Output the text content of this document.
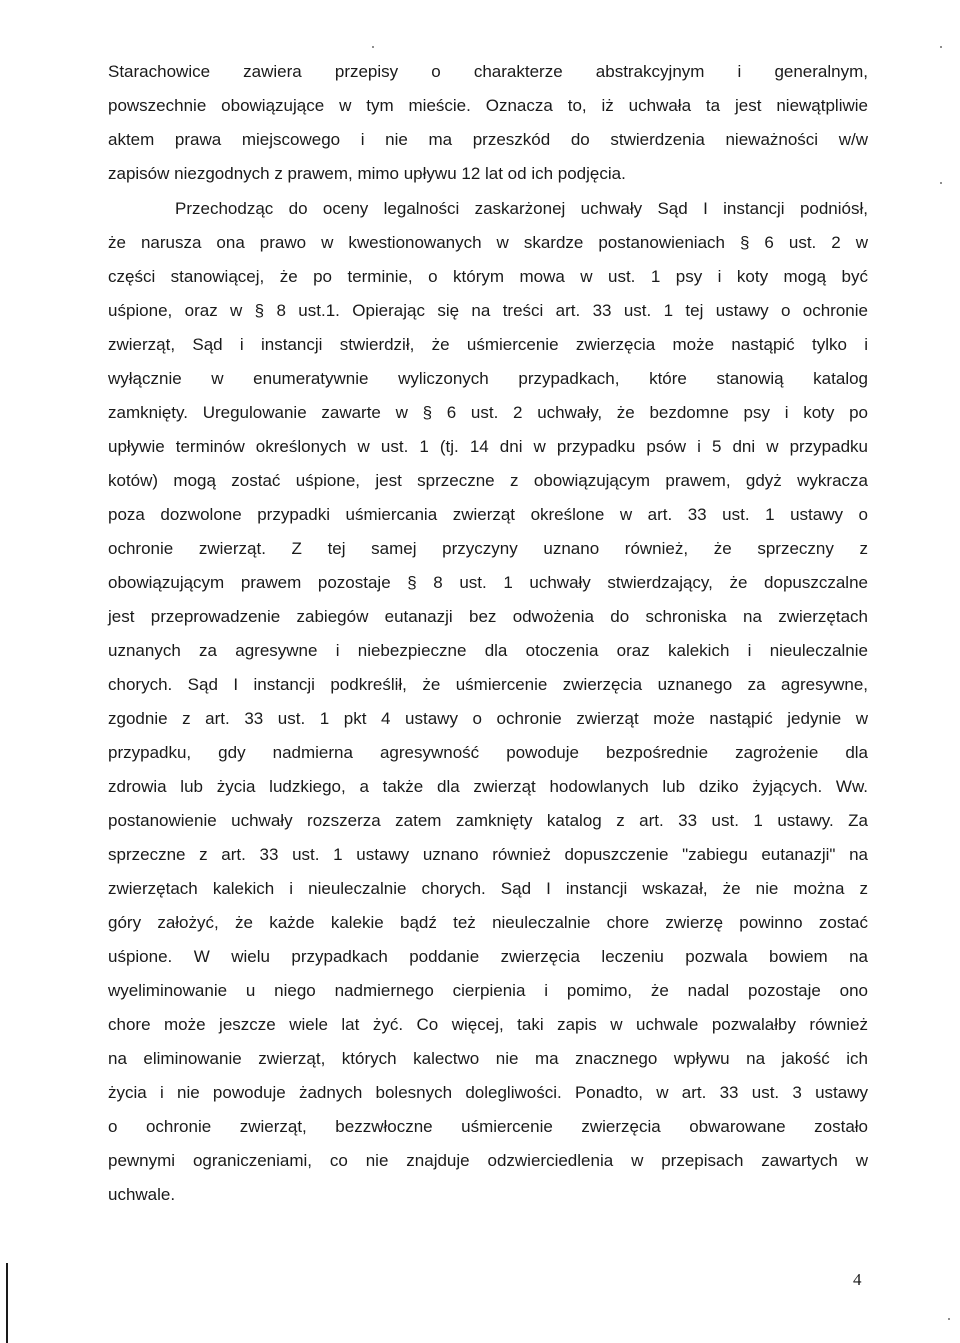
Starachowice zawiera przepisy o charakterze abstrakcyjnym i generalnym,
powszechnie obowiązujące w tym mieście. Oznacza to, iż uchwała ta jest niewątpliwie
aktem prawa miejscowego i nie ma przeszkód do stwierdzenia nieważności w/w
zapisów niezgodnych z prawem, mimo upływu 12 lat od ich podjęcia.
Przechodząc do oceny legalności zaskarżonej uchwały Sąd I instancji podniósł,
że narusza ona prawo w kwestionowanych w skardze postanowieniach § 6 ust. 2 w
części stanowiącej, że po terminie, o którym mowa w ust. 1 psy i koty mogą być
uśpione, oraz w § 8 ust.1. Opierając się na treści art. 33 ust. 1 tej ustawy o ochronie
zwierząt, Sąd i instancji stwierdził, że uśmiercenie zwierzęcia może nastąpić tylko i
wyłącznie w enumeratywnie wyliczonych przypadkach, które stanowią katalog
zamknięty. Uregulowanie zawarte w § 6 ust. 2 uchwały, że bezdomne psy i koty po
upływie terminów określonych w ust. 1 (tj. 14 dni w przypadku psów i 5 dni w przypadku
kotów) mogą zostać uśpione, jest sprzeczne z obowiązującym prawem, gdyż wykracza
poza dozwolone przypadki uśmiercania zwierząt określone w art. 33 ust. 1 ustawy o
ochronie zwierząt. Z tej samej przyczyny uznano również, że sprzeczny z
obowiązującym prawem pozostaje § 8 ust. 1 uchwały stwierdzający, że dopuszczalne
jest przeprowadzenie zabiegów eutanazji bez odwożenia do schroniska na zwierzętach
uznanych za agresywne i niebezpieczne dla otoczenia oraz kalekich i nieuleczalnie
chorych. Sąd I instancji podkreślił, że uśmiercenie zwierzęcia uznanego za agresywne,
zgodnie z art. 33 ust. 1 pkt 4 ustawy o ochronie zwierząt może nastąpić jedynie w
przypadku, gdy nadmierna agresywność powoduje bezpośrednie zagrożenie dla
zdrowia lub życia ludzkiego, a także dla zwierząt hodowlanych lub dziko żyjących. Ww.
postanowienie uchwały rozszerza zatem zamknięty katalog z art. 33 ust. 1 ustawy. Za
sprzeczne z art. 33 ust. 1 ustawy uznano również dopuszczenie "zabiegu eutanazji" na
zwierzętach kalekich i nieuleczalnie chorych. Sąd I instancji wskazał, że nie można z
góry założyć, że każde kalekie bądź też nieuleczalnie chore zwierzę powinno zostać
uśpione. W wielu przypadkach poddanie zwierzęcia leczeniu pozwala bowiem na
wyeliminowanie u niego nadmiernego cierpienia i pomimo, że nadal pozostaje ono
chore może jeszcze wiele lat żyć. Co więcej, taki zapis w uchwale pozwalałby również
na eliminowanie zwierząt, których kalectwo nie ma znacznego wpływu na jakość ich
życia i nie powoduje żadnych bolesnych dolegliwości. Ponadto, w art. 33 ust. 3 ustawy
o ochronie zwierząt, bezzwłoczne uśmiercenie zwierzęcia obwarowane zostało
pewnymi ograniczeniami, co nie znajduje odzwierciedlenia w przepisach zawartych w
uchwale.
4
